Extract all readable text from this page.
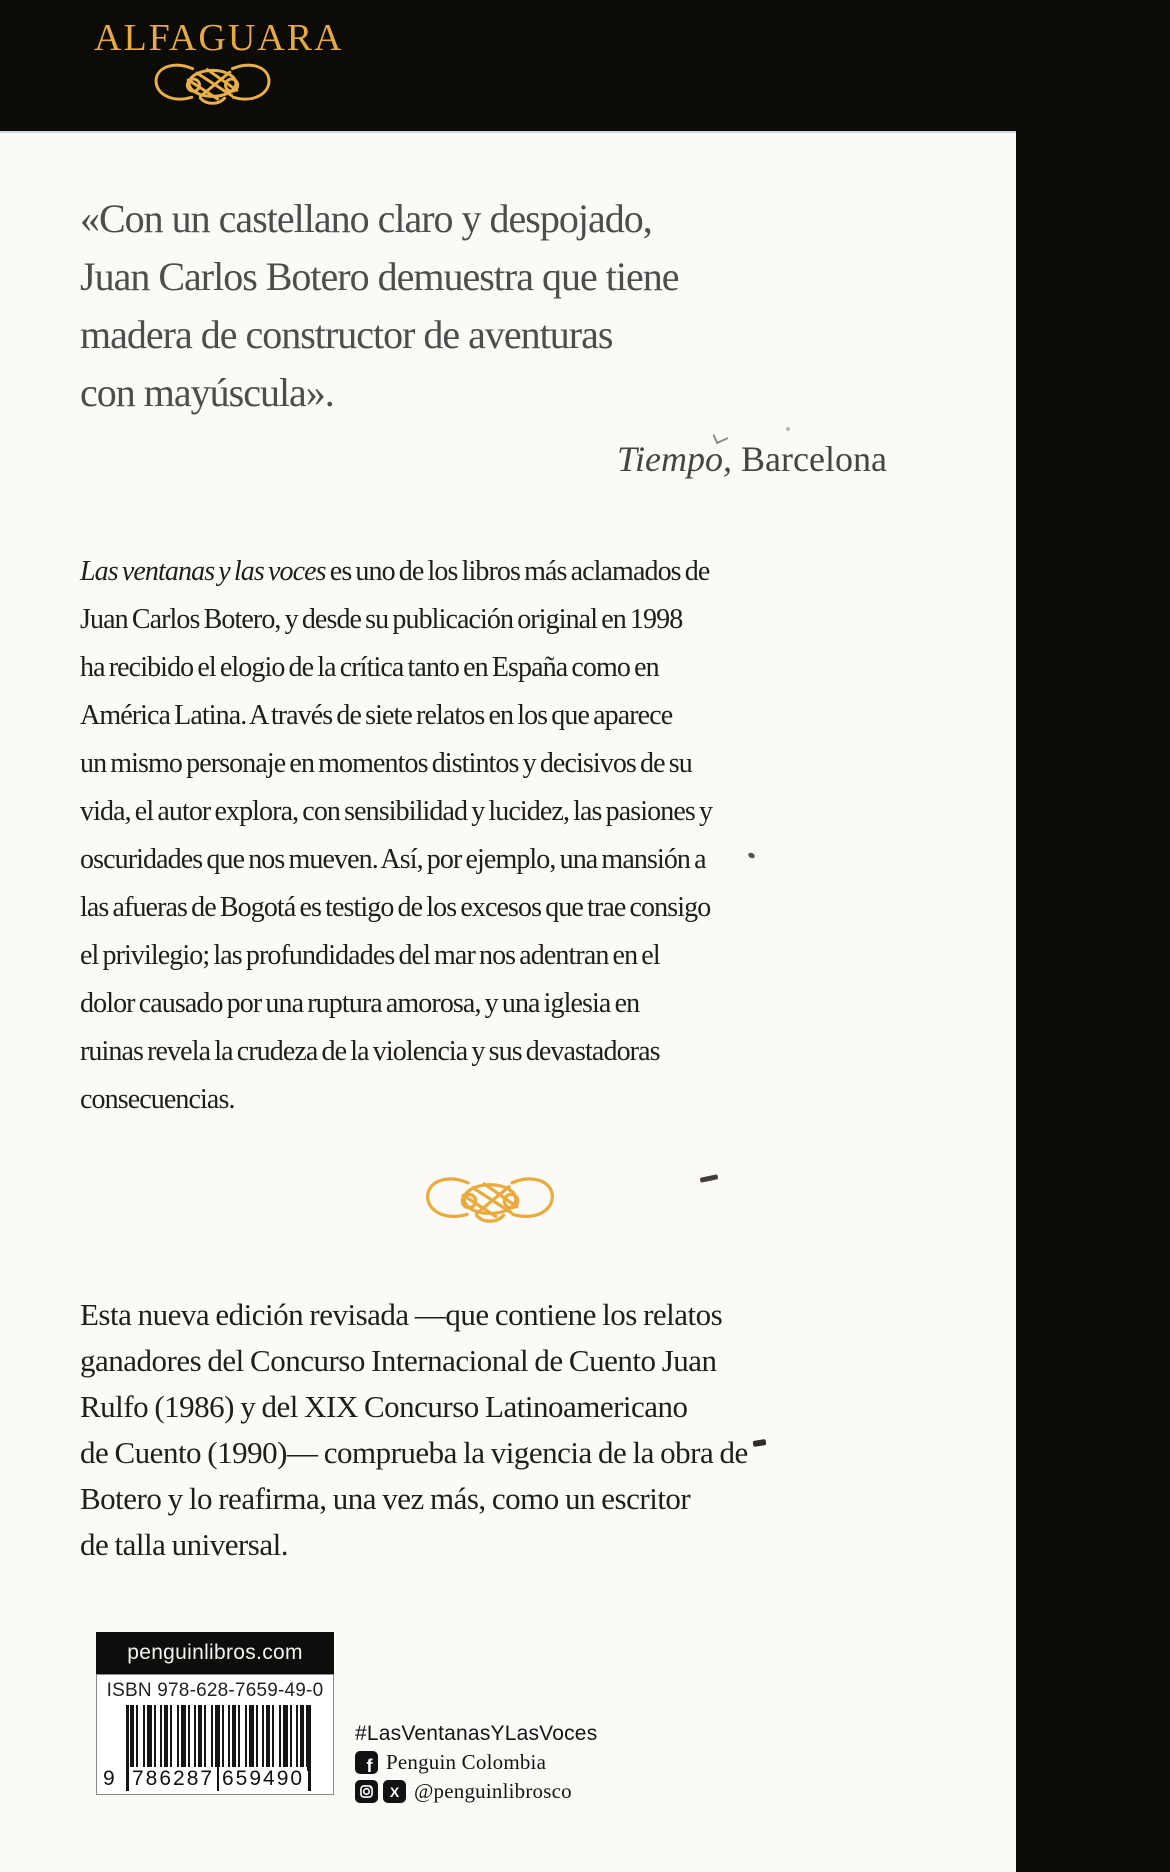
ALFAGUARA
«Con un castellano claro y despojado,
Juan Carlos Botero demuestra que tiene
madera de constructor de aventuras
con mayúscula».
Tiempo, Barcelona
Las ventanas y las voces es uno de los libros más aclamados de
Juan Carlos Botero, y desde su publicación original en 1998
ha recibido el elogio de la crítica tanto en España como en
América Latina. A través de siete relatos en los que aparece
un mismo personaje en momentos distintos y decisivos de su
vida, el autor explora, con sensibilidad y lucidez, las pasiones y
oscuridades que nos mueven. Así, por ejemplo, una mansión a
las afueras de Bogotá es testigo de los excesos que trae consigo
el privilegio; las profundidades del mar nos adentran en el
dolor causado por una ruptura amorosa, y una iglesia en
ruinas revela la crudeza de la violencia y sus devastadoras
consecuencias.
Esta nueva edición revisada —que contiene los relatos
ganadores del Concurso Internacional de Cuento Juan
Rulfo (1986) y del XIX Concurso Latinoamericano
de Cuento (1990)— comprueba la vigencia de la obra de
Botero y lo reafirma, una vez más, como un escritor
de talla universal.
penguinlibros.com
ISBN 978-628-7659-49-0
9 786287 659490
#LasVentanasYLasVoces
f Penguin Colombia
X @penguinlibrosco
